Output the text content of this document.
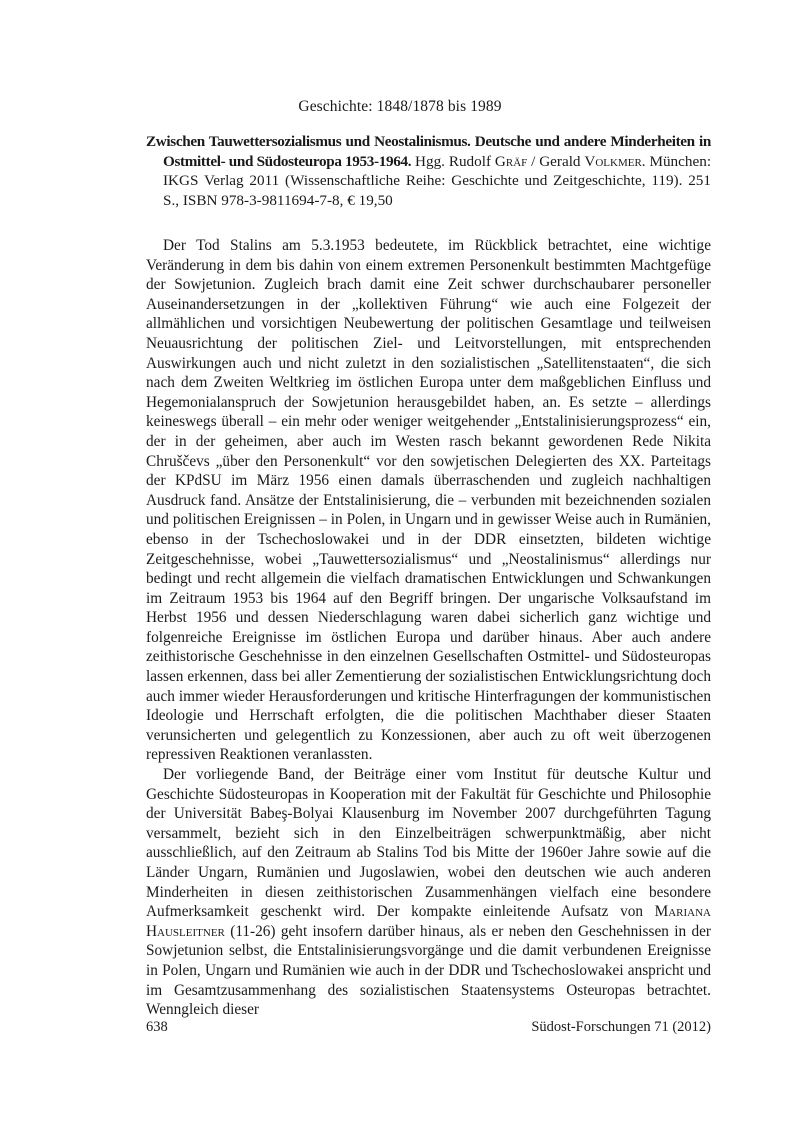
Geschichte: 1848/1878 bis 1989

Zwischen Tauwettersozialismus und Neostalinismus. Deutsche und andere Minderheiten in Ostmittel- und Südosteuropa 1953-1964. Hgg. Rudolf Gräf / Gerald Volkmer. München: IKGS Verlag 2011 (Wissenschaftliche Reihe: Geschichte und Zeitgeschichte, 119). 251 S., ISBN 978-3-9811694-7-8, € 19,50

Der Tod Stalins am 5.3.1953 bedeutete, im Rückblick betrachtet, eine wichtige Veränderung in dem bis dahin von einem extremen Personenkult bestimmten Machtgefüge der Sowjetunion. Zugleich brach damit eine Zeit schwer durchschaubarer personeller Auseinandersetzungen in der „kollektiven Führung“ wie auch eine Folgezeit der allmählichen und vorsichtigen Neubewertung der politischen Gesamtlage und teilweisen Neuausrichtung der politischen Ziel- und Leitvorstellungen, mit entsprechenden Auswirkungen auch und nicht zuletzt in den sozialistischen „Satellitenstaaten“, die sich nach dem Zweiten Weltkrieg im östlichen Europa unter dem maßgeblichen Einfluss und Hegemonialanspruch der Sowjetunion herausgebildet haben, an. Es setzte – allerdings keineswegs überall – ein mehr oder weniger weitgehender „Entstalinisierungsprozess“ ein, der in der geheimen, aber auch im Westen rasch bekannt gewordenen Rede Nikita Chruščevs „über den Personenkult“ vor den sowjetischen Delegierten des XX. Parteitags der KPdSU im März 1956 einen damals überraschenden und zugleich nachhaltigen Ausdruck fand. Ansätze der Entstalinisierung, die – verbunden mit bezeichnenden sozialen und politischen Ereignissen – in Polen, in Ungarn und in gewisser Weise auch in Rumänien, ebenso in der Tschechoslowakei und in der DDR einsetzten, bildeten wichtige Zeitgeschehnisse, wobei „Tauwettersozialismus“ und „Neostalinismus“ allerdings nur bedingt und recht allgemein die vielfach dramatischen Entwicklungen und Schwankungen im Zeitraum 1953 bis 1964 auf den Begriff bringen. Der ungarische Volksaufstand im Herbst 1956 und dessen Niederschlagung waren dabei sicherlich ganz wichtige und folgenreiche Ereignisse im östlichen Europa und darüber hinaus. Aber auch andere zeithistorische Geschehnisse in den einzelnen Gesellschaften Ostmittel- und Südosteuropas lassen erkennen, dass bei aller Zementierung der sozialistischen Entwicklungsrichtung doch auch immer wieder Herausforderungen und kritische Hinterfragungen der kommunistischen Ideologie und Herrschaft erfolgten, die die politischen Machthaber dieser Staaten verunsicherten und gelegentlich zu Konzessionen, aber auch zu oft weit überzogenen repressiven Reaktionen veranlassten.

Der vorliegende Band, der Beiträge einer vom Institut für deutsche Kultur und Geschichte Südosteuropas in Kooperation mit der Fakultät für Geschichte und Philosophie der Universität Babeş-Bolyai Klausenburg im November 2007 durchgeführten Tagung versammelt, bezieht sich in den Einzelbeiträgen schwerpunktmäßig, aber nicht ausschließlich, auf den Zeitraum ab Stalins Tod bis Mitte der 1960er Jahre sowie auf die Länder Ungarn, Rumänien und Jugoslawien, wobei den deutschen wie auch anderen Minderheiten in diesen zeithistorischen Zusammenhängen vielfach eine besondere Aufmerksamkeit geschenkt wird. Der kompakte einleitende Aufsatz von Mariana Hausleitner (11-26) geht insofern darüber hinaus, als er neben den Geschehnissen in der Sowjetunion selbst, die Entstalinisierungsvorgänge und die damit verbundenen Ereignisse in Polen, Ungarn und Rumänien wie auch in der DDR und Tschechoslowakei anspricht und im Gesamtzusammenhang des sozialistischen Staatensystems Osteuropas betrachtet. Wenngleich dieser

638	Südost-Forschungen 71 (2012)
